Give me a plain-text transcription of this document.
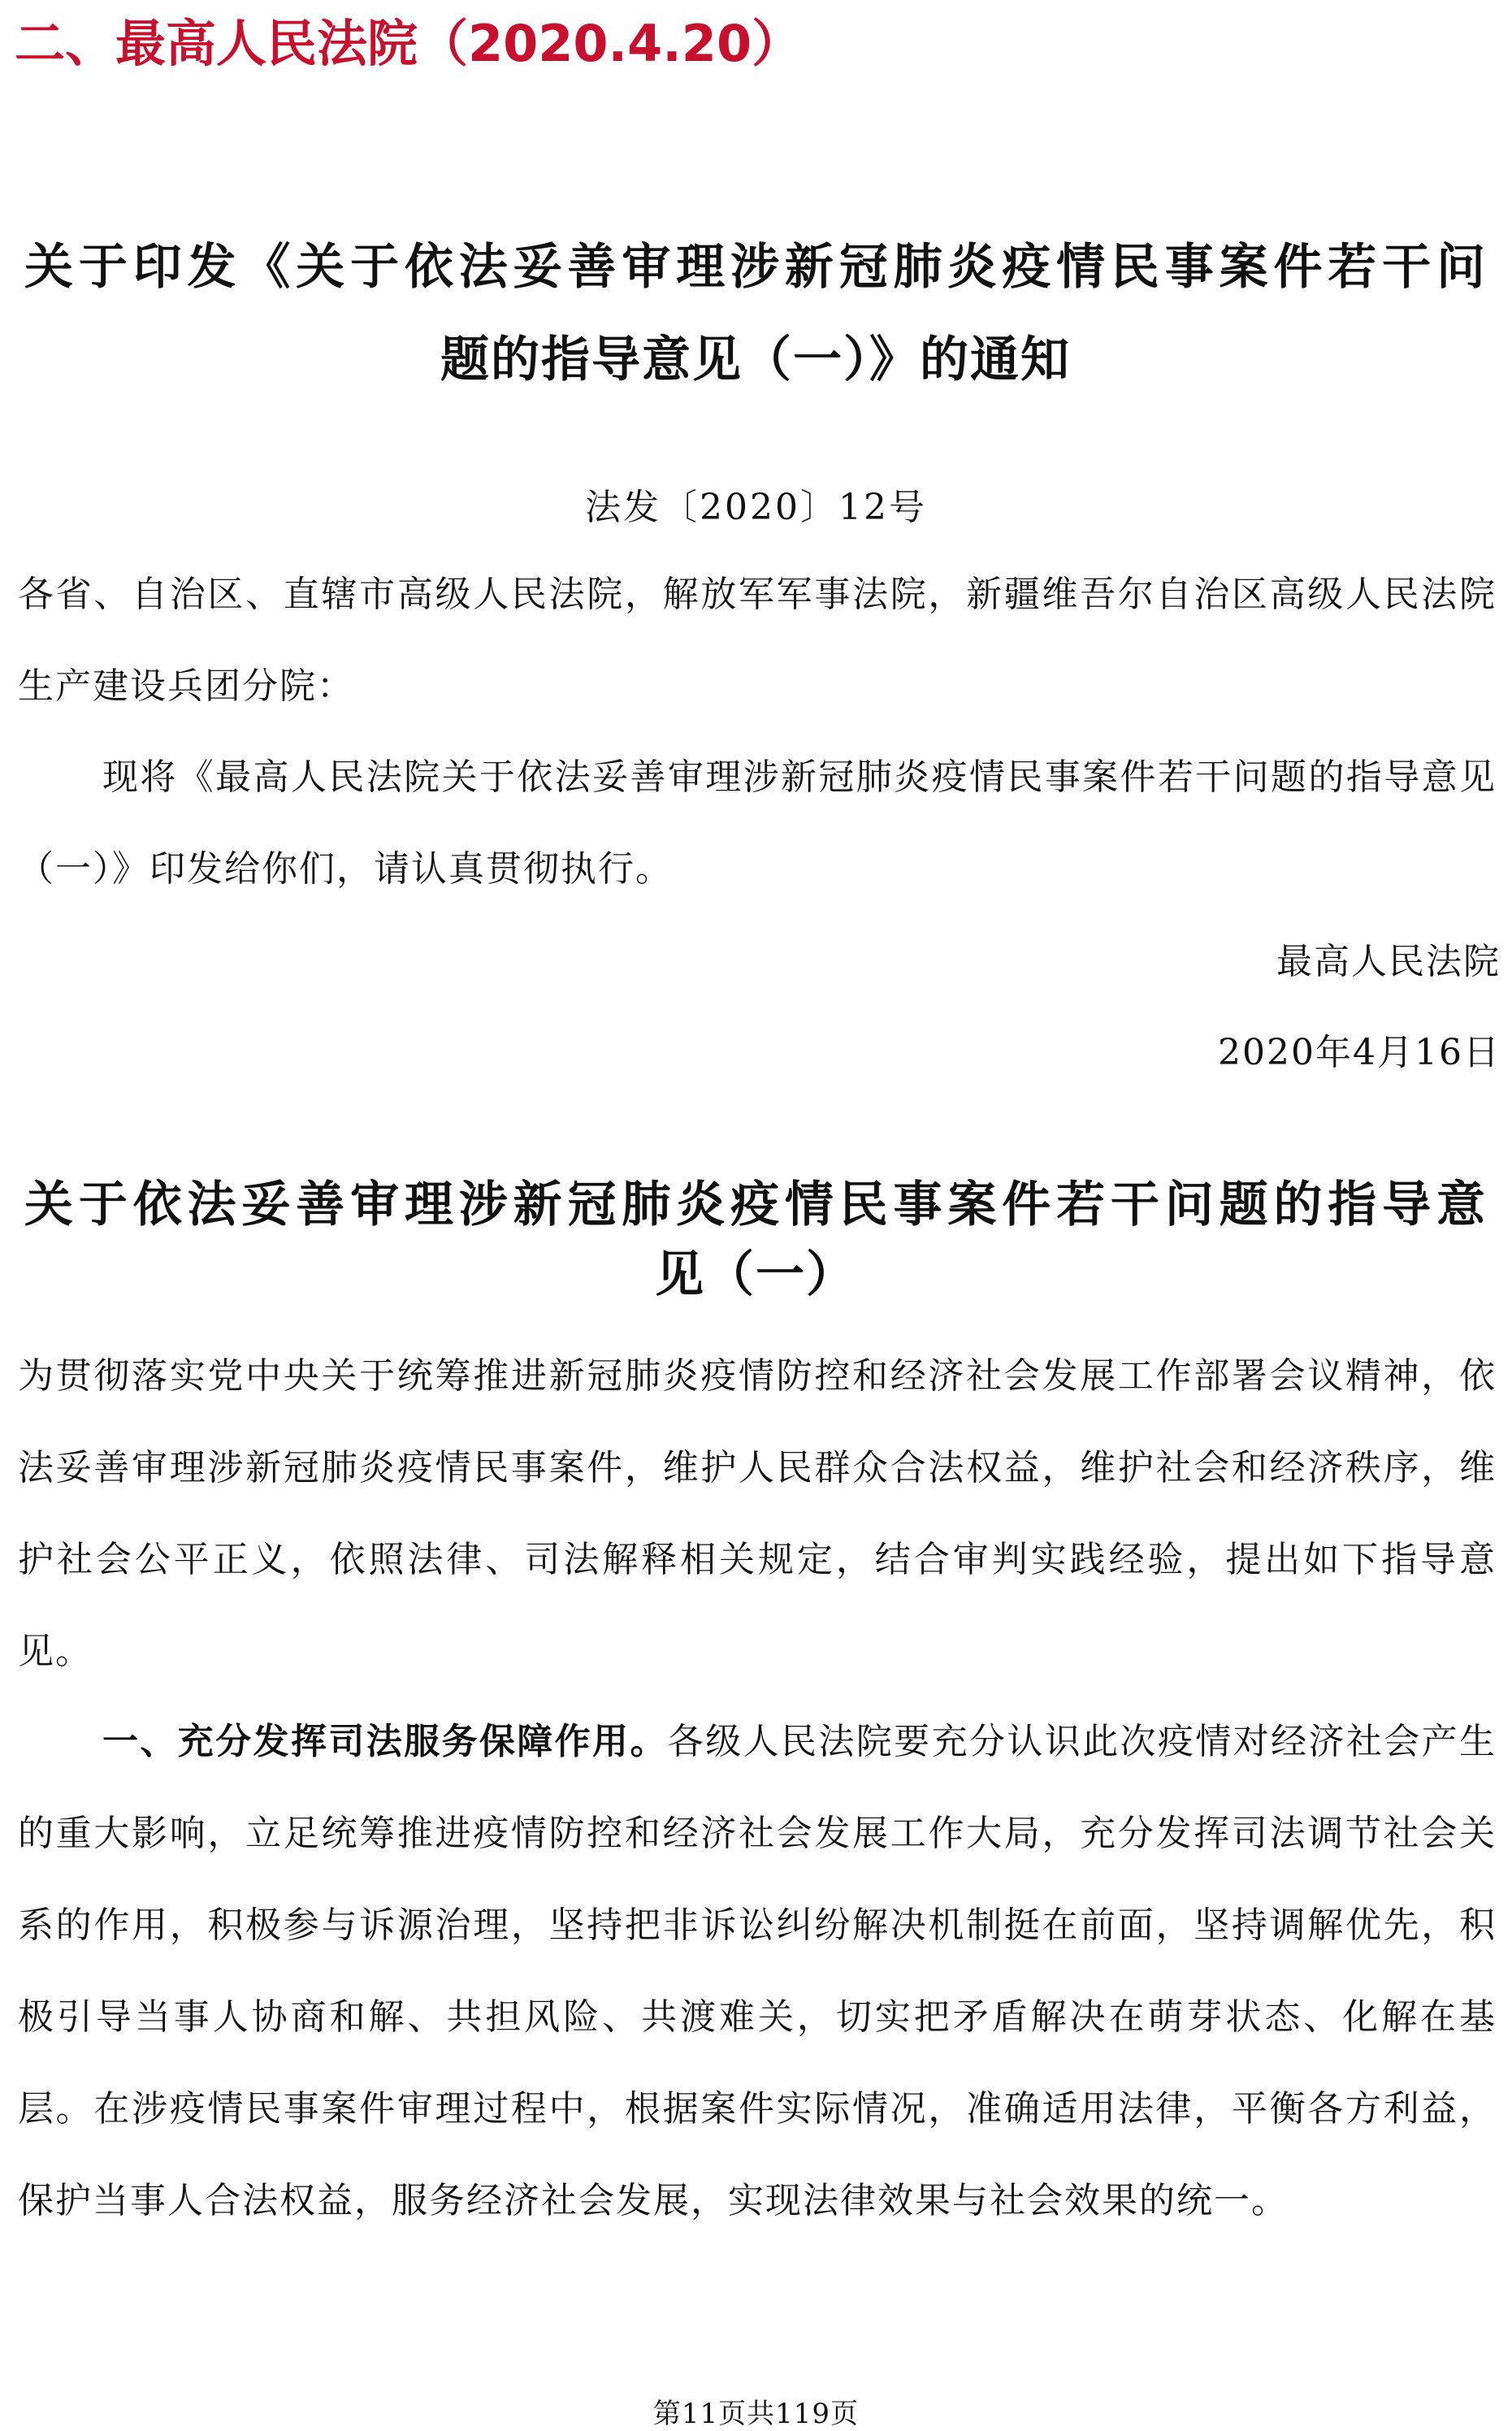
二、最高人民法院（2020.4.20）
关于印发《关于依法妥善审理涉新冠肺炎疫情民事案件若干问
题的指导意见（一）》的通知
法发〔2020〕12号
各省、自治区、直辖市高级人民法院，解放军军事法院，新疆维吾尔自治区高级人民法院生产建设兵团分院：
现将《最高人民法院关于依法妥善审理涉新冠肺炎疫情民事案件若干问题的指导意见（一）》印发给你们，请认真贯彻执行。
最高人民法院
2020年4月16日
关于依法妥善审理涉新冠肺炎疫情民事案件若干问题的指导意
见（一）
为贯彻落实党中央关于统筹推进新冠肺炎疫情防控和经济社会发展工作部署会议精神，依法妥善审理涉新冠肺炎疫情民事案件，维护人民群众合法权益，维护社会和经济秩序，维护社会公平正义，依照法律、司法解释相关规定，结合审判实践经验，提出如下指导意见。
一、充分发挥司法服务保障作用。各级人民法院要充分认识此次疫情对经济社会产生的重大影响，立足统筹推进疫情防控和经济社会发展工作大局，充分发挥司法调节社会关系的作用，积极参与诉源治理，坚持把非诉讼纠纷解决机制挺在前面，坚持调解优先，积极引导当事人协商和解、共担风险、共渡难关，切实把矛盾解决在萌芽状态、化解在基层。在涉疫情民事案件审理过程中，根据案件实际情况，准确适用法律，平衡各方利益，保护当事人合法权益，服务经济社会发展，实现法律效果与社会效果的统一。
第11页共119页
